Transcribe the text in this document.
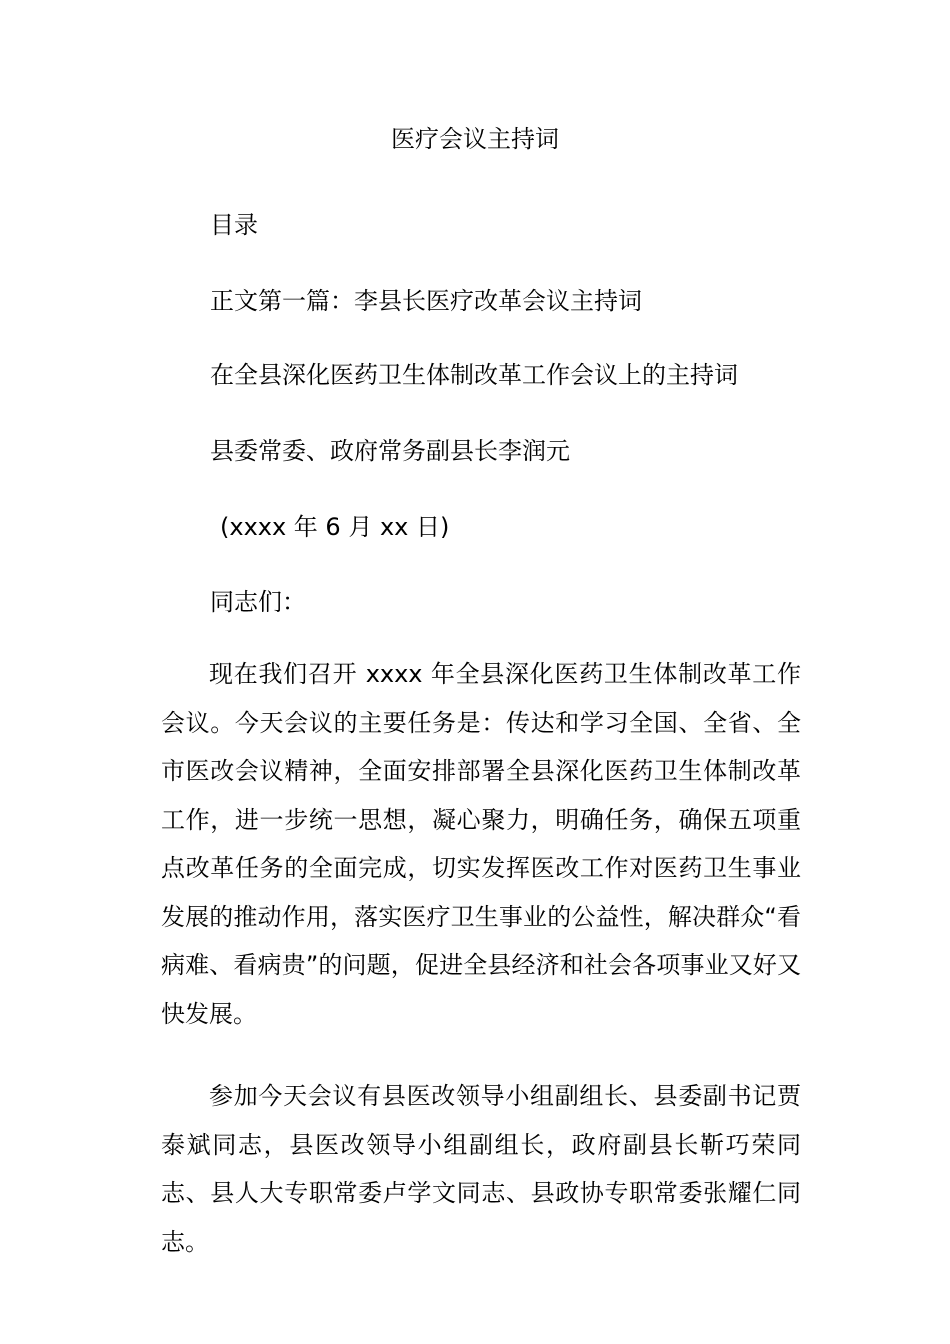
医疗会议主持词
目录
正文第一篇：李县长医疗改革会议主持词
在全县深化医药卫生体制改革工作会议上的主持词
县委常委、政府常务副县长李润元
(xxxx 年 6 月 xx 日)
同志们：

现在我们召开 xxxx 年全县深化医药卫生体制改革工作会议。今天会议的主要任务是：传达和学习全国、全省、全市医改会议精神，全面安排部署全县深化医药卫生体制改革工作，进一步统一思想，凝心聚力，明确任务，确保五项重点改革任务的全面完成，切实发挥医改工作对医药卫生事业发展的推动作用，落实医疗卫生事业的公益性，解决群众“看病难、看病贵”的问题，促进全县经济和社会各项事业又好又快发展。

参加今天会议有县医改领导小组副组长、县委副书记贾泰斌同志，县医改领导小组副组长，政府副县长靳巧荣同志、县人大专职常委卢学文同志、县政协专职常委张耀仁同志。
